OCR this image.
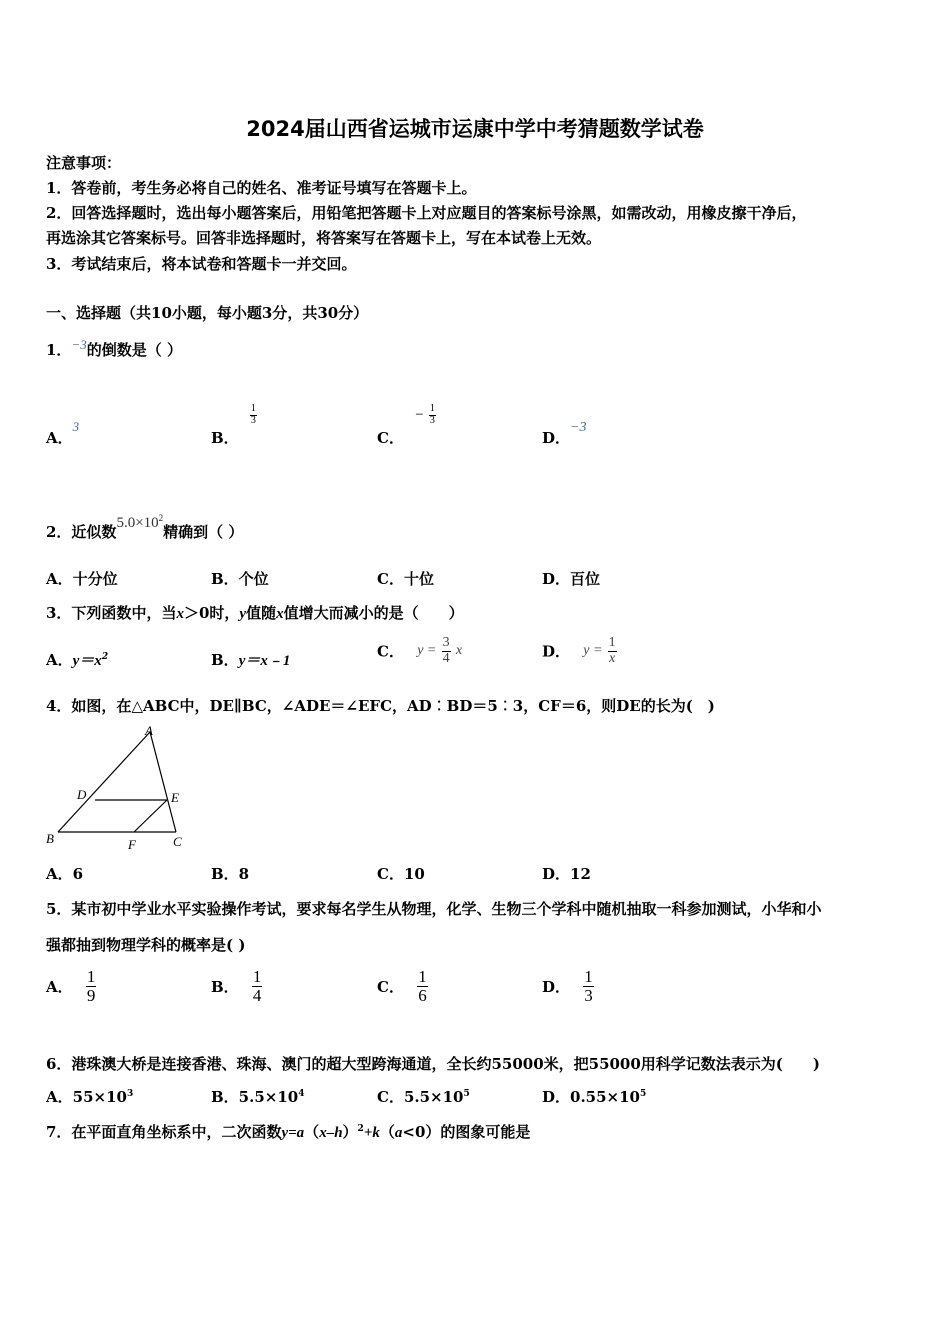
2024届山西省运城市运康中学中考猜题数学试卷
注意事项：
1．答卷前，考生务必将自己的姓名、准考证号填写在答题卡上。
2．回答选择题时，选出每小题答案后，用铅笔把答题卡上对应题目的答案标号涂黑，如需改动，用橡皮擦干净后，
再选涂其它答案标号。回答非选择题时，将答案写在答题卡上，写在本试卷上无效。
3．考试结束后，将本试卷和答题卡一并交回。
一、选择题（共10小题，每小题3分，共30分）
1．−3的倒数是（ ）
A．3
B．
$\frac{1}{3}$
C． − $\frac{1}{3}$
D．−3
2．近似数$5.0\times 10^2$精确到（ ）
A．十分位	B．个位	C．十位	D．百位
3．下列函数中，当x＞0时，y值随x值增大而减小的是（　　）
A．$y=x^2$	B．y＝x﹣1
C． $y = \frac{3}{4}$ x	D． $y = \frac{1}{x}$
4．如图，在△ABC中，DE∥BC，∠ADE＝∠EFC，AD︰BD＝5︰3，CF＝6，则DE的长为(　)
A
D	E
B	F	C
A．6	B．8	C．10	D．12
5．某市初中学业水平实验操作考试，要求每名学生从物理，化学、生物三个学科中随机抽取一科参加测试，小华和小
强都抽到物理学科的概率是( )
A． $\frac{1}{9}$	B． $\frac{1}{4}$	C． $\frac{1}{6}$	D． $\frac{1}{3}$
6．港珠澳大桥是连接香港、珠海、澳门的超大型跨海通道，全长约55000米，把55000用科学记数法表示为(　　)
A．$55\times 10^3$	B．$5.5\times 10^4$	C．$5.5\times 10^5$	D．$0.55\times 10^5$
7．在平面直角坐标系中，二次函数$y=a(x-h)^2+k(a<0)$的图象可能是
